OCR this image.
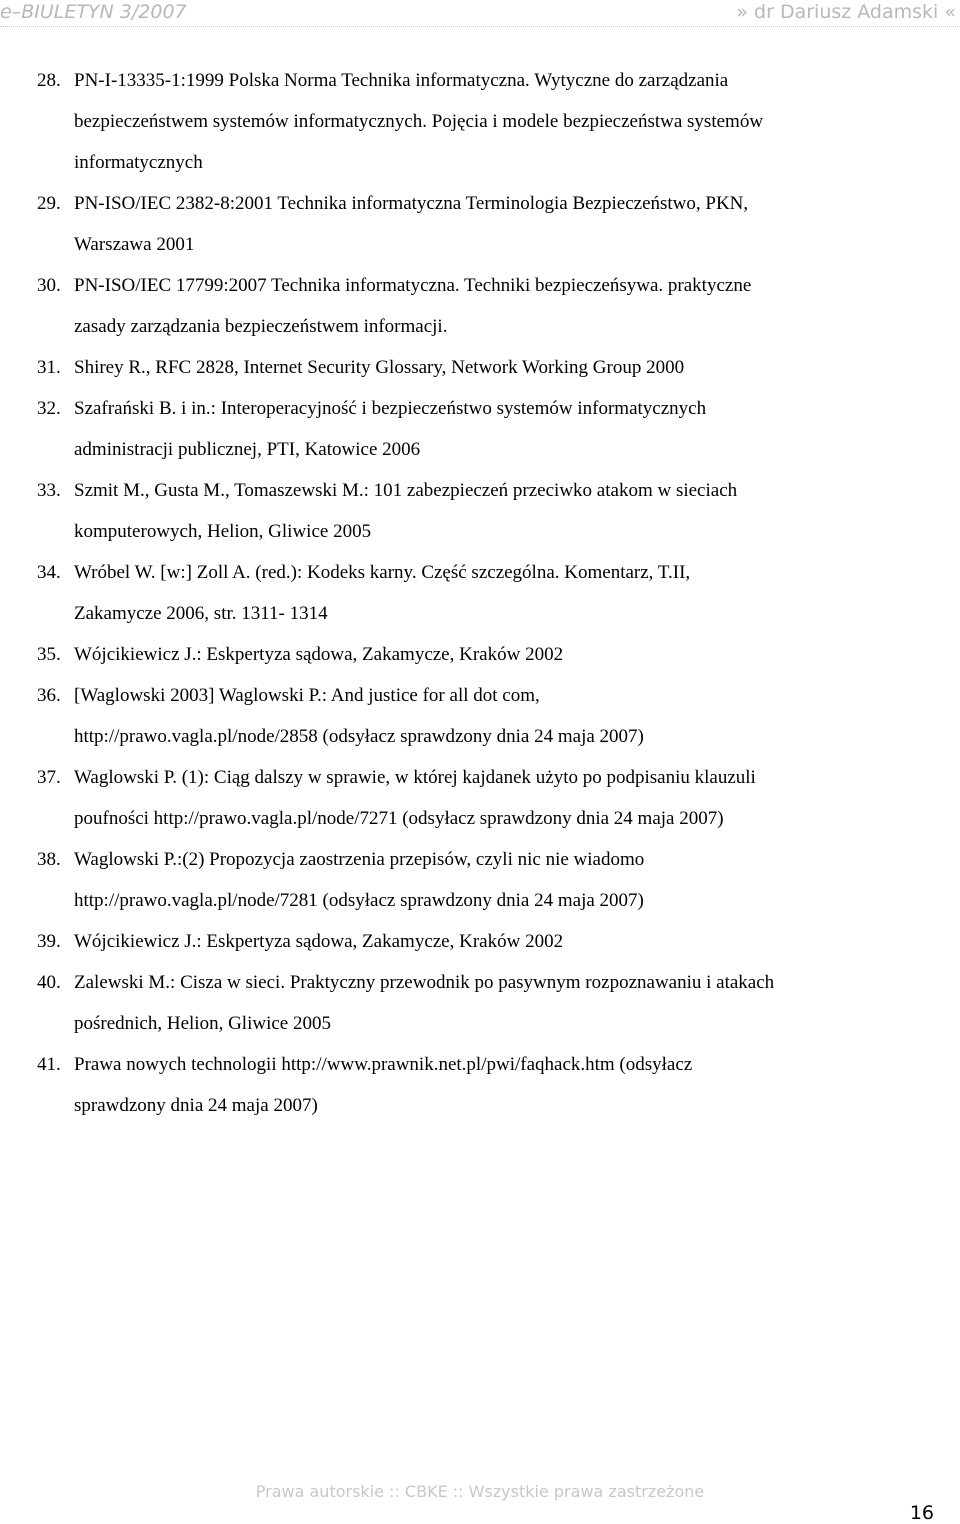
e–BIULETYN 3/2007	» dr Dariusz Adamski «
28. PN-I-13335-1:1999 Polska Norma Technika informatyczna. Wytyczne do zarządzania
bezpieczeństwem systemów informatycznych. Pojęcia i modele bezpieczeństwa systemów
informatycznych
29. PN-ISO/IEC 2382-8:2001 Technika informatyczna Terminologia Bezpieczeństwo, PKN,
Warszawa 2001
30. PN-ISO/IEC 17799:2007 Technika informatyczna. Techniki bezpieczeńsywa. praktyczne
zasady zarządzania bezpieczeństwem informacji.
31. Shirey R., RFC 2828, Internet Security Glossary, Network Working Group 2000
32. Szafrański B. i in.: Interoperacyjność i bezpieczeństwo systemów informatycznych
administracji publicznej, PTI, Katowice 2006
33. Szmit M., Gusta M., Tomaszewski M.: 101 zabezpieczeń przeciwko atakom w sieciach
komputerowych, Helion, Gliwice 2005
34. Wróbel W. [w:] Zoll A. (red.): Kodeks karny. Część szczególna. Komentarz, T.II,
Zakamycze 2006, str. 1311- 1314
35. Wójcikiewicz J.: Eskpertyza sądowa, Zakamycze, Kraków 2002
36. [Waglowski 2003] Waglowski P.: And justice for all dot com,
http://prawo.vagla.pl/node/2858 (odsyłacz sprawdzony dnia 24 maja 2007)
37. Waglowski P. (1): Ciąg dalszy w sprawie, w której kajdanek użyto po podpisaniu klauzuli
poufności http://prawo.vagla.pl/node/7271 (odsyłacz sprawdzony dnia 24 maja 2007)
38. Waglowski P.:(2) Propozycja zaostrzenia przepisów, czyli nic nie wiadomo
http://prawo.vagla.pl/node/7281 (odsyłacz sprawdzony dnia 24 maja 2007)
39. Wójcikiewicz J.: Eskpertyza sądowa, Zakamycze, Kraków 2002
40. Zalewski M.: Cisza w sieci. Praktyczny przewodnik po pasywnym rozpoznawaniu i atakach
pośrednich, Helion, Gliwice 2005
41. Prawa nowych technologii http://www.prawnik.net.pl/pwi/faqhack.htm (odsyłacz
sprawdzony dnia 24 maja 2007)
Prawa autorskie :: CBKE :: Wszystkie prawa zastrzeżone
16
